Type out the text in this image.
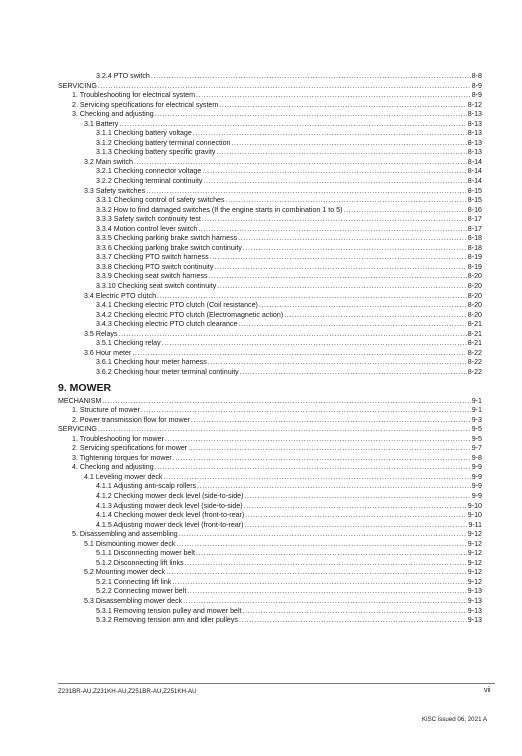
3.2.4 PTO switch .....	8-8
SERVICING .....	8-9
1. Troubleshooting for electrical system .....	8-9
2. Servicing specifications for electrical system .....	8-12
3. Checking and adjusting .....	8-13
3.1 Battery .....	8-13
3.1.1 Checking battery voltage .....	8-13
3.1.2 Checking battery terminal connection .....	8-13
3.1.3 Checking battery specific gravity .....	8-13
3.2 Main switch .....	8-14
3.2.1 Checking connector voltage .....	8-14
3.2.2 Checking terminal continuity .....	8-14
3.3 Safety switches .....	8-15
3.3.1 Checking control of safety switches .....	8-15
3.3.2 How to find damaged switches (If the engine starts in combination 1 to 5) .....	8-16
3.3.3 Safety switch continuity test .....	8-17
3.3.4 Motion control lever switch .....	8-17
3.3.5 Checking parking brake switch harness .....	8-18
3.3.6 Checking parking brake switch continuity .....	8-18
3.3.7 Checking PTO switch harness .....	8-19
3.3.8 Checking PTO switch continuity .....	8-19
3.3.9 Checking seat switch harness .....	8-20
3.3.10 Checking seat switch continuity .....	8-20
3.4 Electric PTO clutch .....	8-20
3.4.1 Checking electric PTO clutch (Coil resistance) .....	8-20
3.4.2 Checking electric PTO clutch (Electromagnetic action) .....	8-20
3.4.3 Checking electric PTO clutch clearance .....	8-21
3.5 Relays .....	8-21
3.5.1 Checking relay .....	8-21
3.6 Hour meter .....	8-22
3.6.1 Checking hour meter harness .....	8-22
3.6.2 Checking hour meter terminal continuity .....	8-22
9. MOWER
MECHANISM .....	9-1
1. Structure of mower .....	9-1
2. Power transmission flow for mower .....	9-3
SERVICING .....	9-5
1. Troubleshooting for mower .....	9-5
2. Servicing specifications for mower .....	9-7
3. Tightening torques for mower .....	9-8
4. Checking and adjusting .....	9-9
4.1 Leveling mower deck .....	9-9
4.1.1 Adjusting anti-scalp rollers .....	9-9
4.1.2 Checking mower deck level (side-to-side) .....	9-9
4.1.3 Adjusting mower deck level (side-to-side) .....	9-10
4.1.4 Checking mower deck level (front-to-rear) .....	9-10
4.1.5 Adjusting mower deck level (front-to-rear) .....	9-11
5. Disassembling and assembling .....	9-12
5.1 Dismounting mower deck .....	9-12
5.1.1 Disconnecting mower belt .....	9-12
5.1.2 Disconnecting lift links .....	9-12
5.2 Mounting mower deck .....	9-12
5.2.1 Connecting lift link .....	9-12
5.2.2 Connecting mower belt .....	9-13
5.3 Disassembling mower deck .....	9-13
5.3.1 Removing tension pulley and mower belt .....	9-13
5.3.2 Removing tension arm and idler pulleys .....	9-13
Z231BR-AU,Z231KH-AU,Z251BR-AU,Z251KH-AU	vii
KiSC issued 06, 2021 A
